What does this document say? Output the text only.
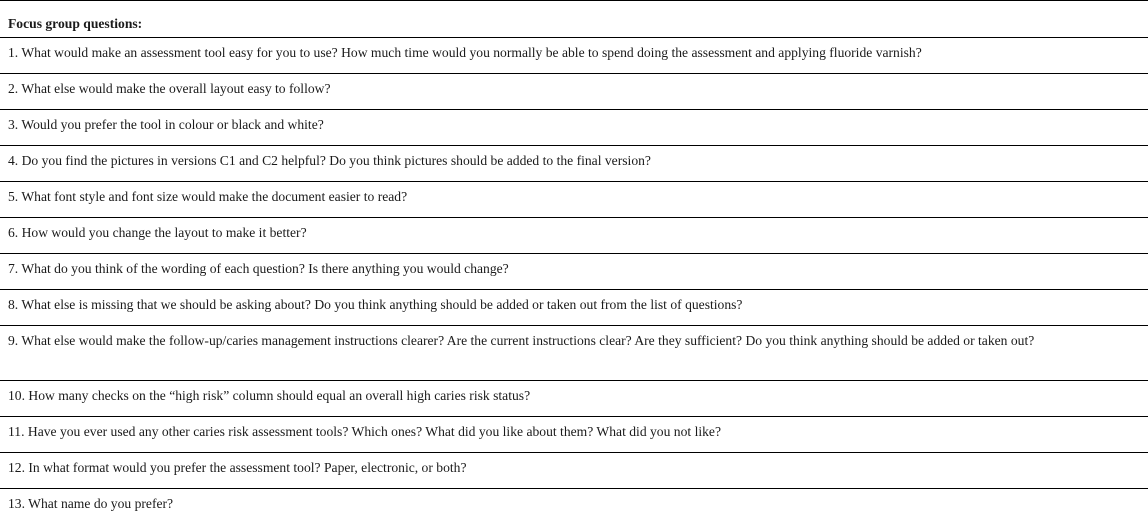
Focus group questions:
1. What would make an assessment tool easy for you to use? How much time would you normally be able to spend doing the assessment and applying fluoride varnish?
2. What else would make the overall layout easy to follow?
3. Would you prefer the tool in colour or black and white?
4. Do you find the pictures in versions C1 and C2 helpful? Do you think pictures should be added to the final version?
5. What font style and font size would make the document easier to read?
6. How would you change the layout to make it better?
7. What do you think of the wording of each question? Is there anything you would change?
8. What else is missing that we should be asking about? Do you think anything should be added or taken out from the list of questions?
9. What else would make the follow-up/caries management instructions clearer? Are the current instructions clear? Are they sufficient? Do you think anything should be added or taken out?
10. How many checks on the “high risk” column should equal an overall high caries risk status?
11. Have you ever used any other caries risk assessment tools? Which ones? What did you like about them? What did you not like?
12. In what format would you prefer the assessment tool? Paper, electronic, or both?
13. What name do you prefer?
